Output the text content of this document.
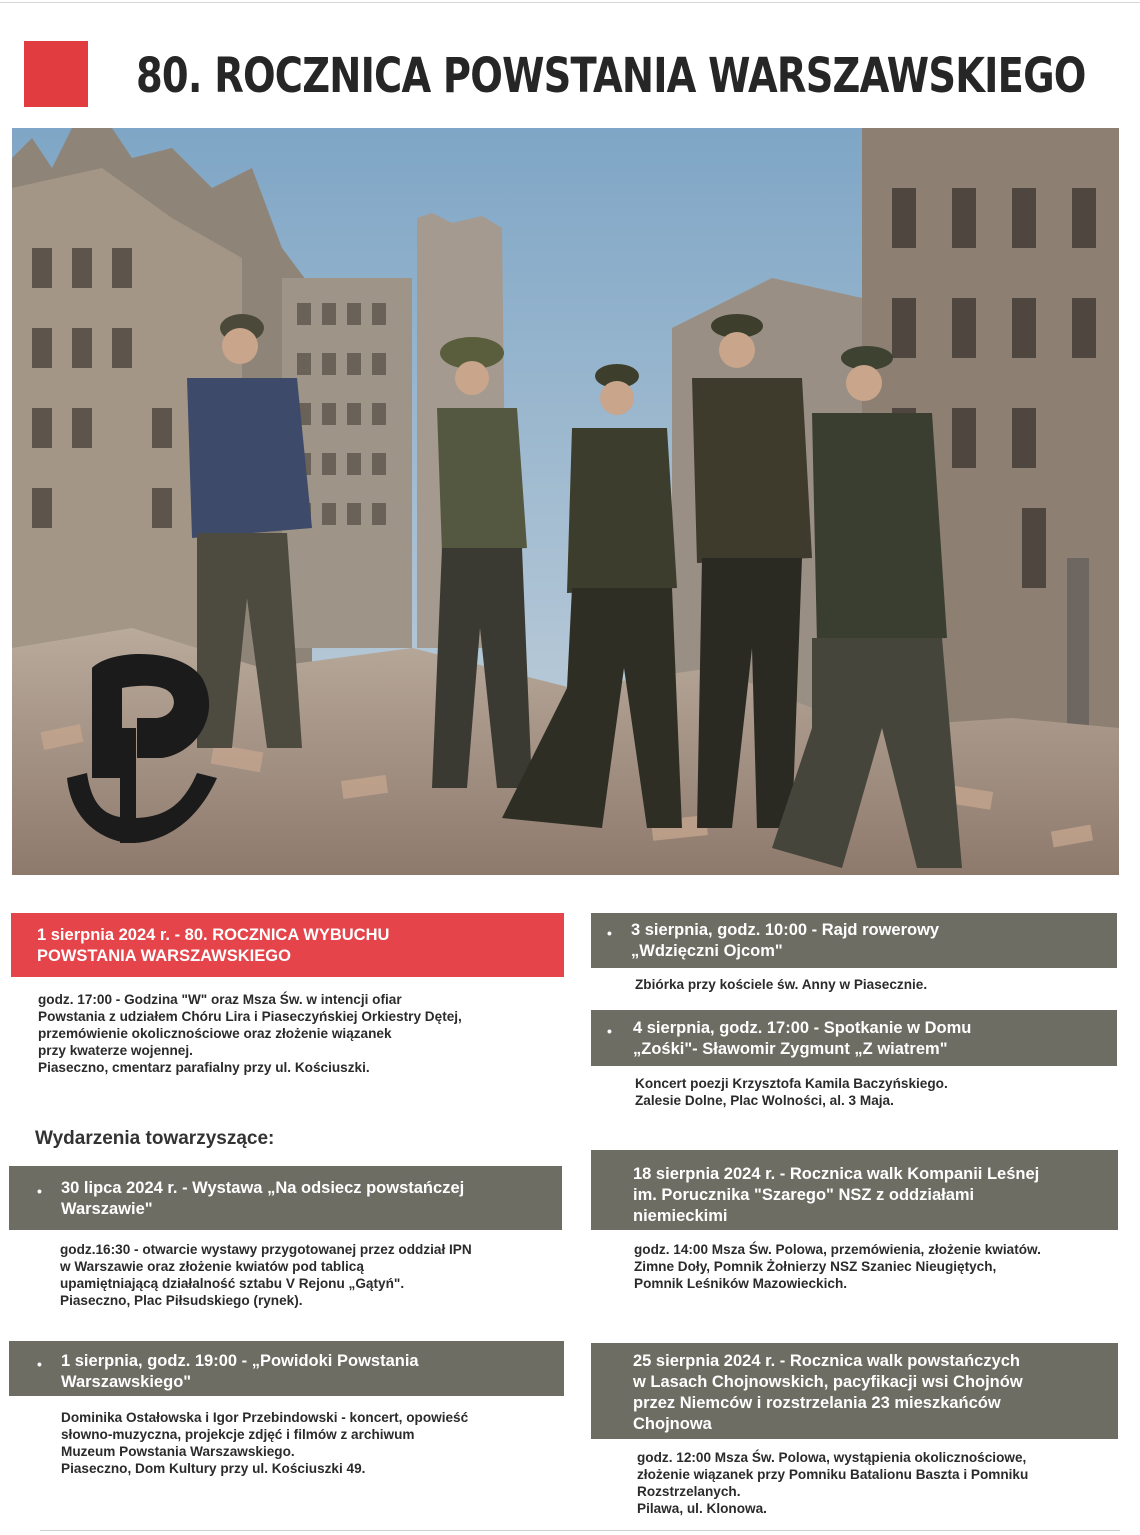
80. ROCZNICA POWSTANIA WARSZAWSKIEGO
1 sierpnia 2024 r. - 80. ROCZNICA WYBUCHU
POWSTANIA WARSZAWSKIEGO
godz. 17:00 - Godzina "W" oraz Msza Św. w intencji ofiar
Powstania z udziałem Chóru Lira i Piaseczyńskiej Orkiestry Dętej,
przemówienie okolicznościowe oraz złożenie wiązanek
przy kwaterze wojennej.
Piaseczno, cmentarz parafialny przy ul. Kościuszki.
Wydarzenia towarzyszące:
• 30 lipca 2024 r. - Wystawa „Na odsiecz powstańczej
Warszawie"
godz.16:30 - otwarcie wystawy przygotowanej przez oddział IPN
w Warszawie oraz złożenie kwiatów pod tablicą
upamiętniającą działalność sztabu V Rejonu „Gątyń".
Piaseczno, Plac Piłsudskiego (rynek).
• 1 sierpnia, godz. 19:00 - „Powidoki Powstania
Warszawskiego"
Dominika Ostałowska i Igor Przebindowski - koncert, opowieść
słowno-muzyczna, projekcje zdjęć i filmów z archiwum
Muzeum Powstania Warszawskiego.
Piaseczno, Dom Kultury przy ul. Kościuszki 49.
• 3 sierpnia, godz. 10:00 - Rajd rowerowy
„Wdzięczni Ojcom"
Zbiórka przy kościele św. Anny w Piasecznie.
• 4 sierpnia, godz. 17:00 - Spotkanie w Domu
„Zośki"- Sławomir Zygmunt „Z wiatrem"
Koncert poezji Krzysztofa Kamila Baczyńskiego.
Zalesie Dolne, Plac Wolności, al. 3 Maja.
18 sierpnia 2024 r. - Rocznica walk Kompanii Leśnej
im. Porucznika "Szarego" NSZ z oddziałami
niemieckimi
godz. 14:00 Msza Św. Polowa, przemówienia, złożenie kwiatów.
Zimne Doły, Pomnik Żołnierzy NSZ Szaniec Nieugiętych,
Pomnik Leśników Mazowieckich.
25 sierpnia 2024 r. - Rocznica walk powstańczych
w Lasach Chojnowskich, pacyfikacji wsi Chojnów
przez Niemców i rozstrzelania 23 mieszkańców
Chojnowa
godz. 12:00 Msza Św. Polowa, wystąpienia okolicznościowe,
złożenie wiązanek przy Pomniku Batalionu Baszta i Pomniku
Rozstrzelanych.
Pilawa, ul. Klonowa.
